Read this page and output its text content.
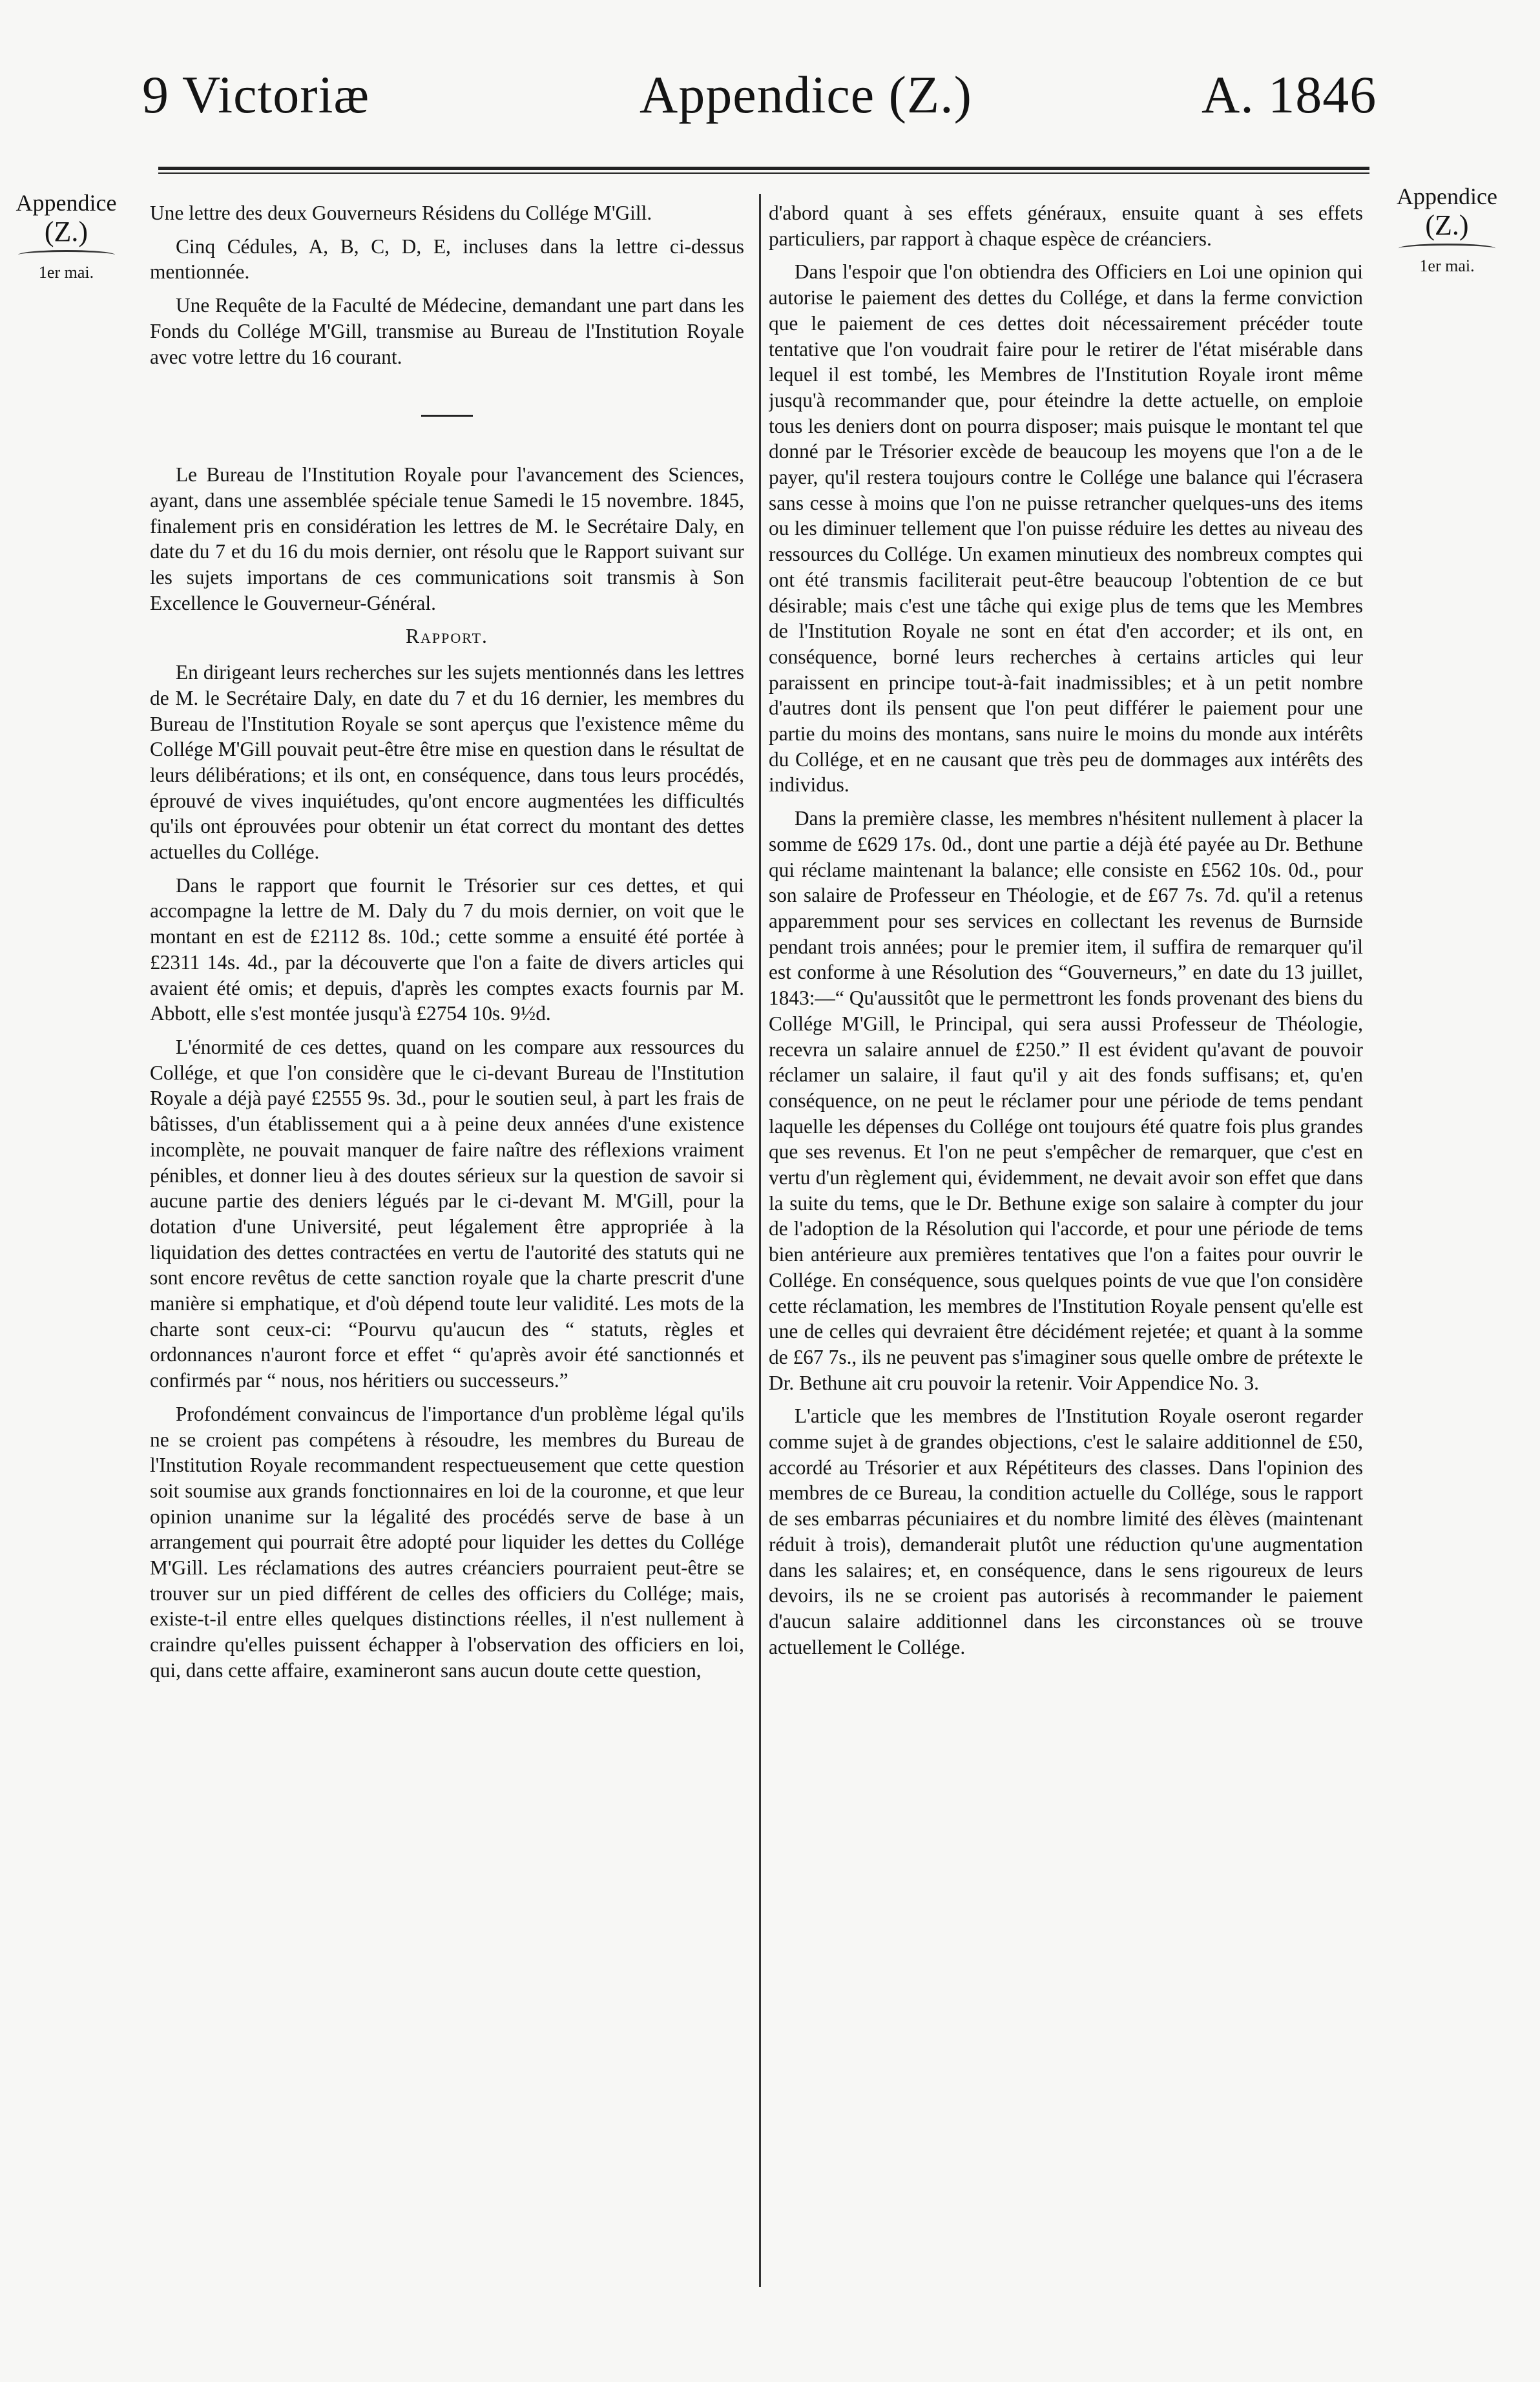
9 Victoriæ	Appendice (Z.)	A. 1846
Appendice
(Z.)
1er mai.
Appendice
(Z.)
1er mai.

Une lettre des deux Gouverneurs Résidens du Collége M'Gill.

Cinq Cédules, A, B, C, D, E, incluses dans la lettre ci-dessus mentionnée.

Une Requête de la Faculté de Médecine, demandant une part dans les Fonds du Collége M'Gill, transmise au Bureau de l'Institution Royale avec votre lettre du 16 courant.

Le Bureau de l'Institution Royale pour l'avancement des Sciences, ayant, dans une assemblée spéciale tenue Samedi le 15 novembre. 1845, finalement pris en considération les lettres de M. le Secrétaire Daly, en date du 7 et du 16 du mois dernier, ont résolu que le Rapport suivant sur les sujets importans de ces communications soit transmis à Son Excellence le Gouverneur-Général.

Rapport.

En dirigeant leurs recherches sur les sujets mentionnés dans les lettres de M. le Secrétaire Daly, en date du 7 et du 16 dernier, les membres du Bureau de l'Institution Royale se sont aperçus que l'existence même du Collége M'Gill pouvait peut-être être mise en question dans le résultat de leurs délibérations; et ils ont, en conséquence, dans tous leurs procédés, éprouvé de vives inquiétudes, qu'ont encore augmentées les difficultés qu'ils ont éprouvées pour obtenir un état correct du montant des dettes actuelles du Collége.

Dans le rapport que fournit le Trésorier sur ces dettes, et qui accompagne la lettre de M. Daly du 7 du mois dernier, on voit que le montant en est de £2112 8s. 10d.; cette somme a ensuité été portée à £2311 14s. 4d., par la découverte que l'on a faite de divers articles qui avaient été omis; et depuis, d'après les comptes exacts fournis par M. Abbott, elle s'est montée jusqu'à £2754 10s. 9½d.

L'énormité de ces dettes, quand on les compare aux ressources du Collége, et que l'on considère que le ci-devant Bureau de l'Institution Royale a déjà payé £2555 9s. 3d., pour le soutien seul, à part les frais de bâtisses, d'un établissement qui a à peine deux années d'une existence incomplète, ne pouvait manquer de faire naître des réflexions vraiment pénibles, et donner lieu à des doutes sérieux sur la question de savoir si aucune partie des deniers légués par le ci-devant M. M'Gill, pour la dotation d'une Université, peut légalement être appropriée à la liquidation des dettes contractées en vertu de l'autorité des statuts qui ne sont encore revêtus de cette sanction royale que la charte prescrit d'une manière si emphatique, et d'où dépend toute leur validité. Les mots de la charte sont ceux-ci: “Pourvu qu'aucun des “ statuts, règles et ordonnances n'auront force et effet “ qu'après avoir été sanctionnés et confirmés par “ nous, nos héritiers ou successeurs.”

Profondément convaincus de l'importance d'un problème légal qu'ils ne se croient pas compétens à résoudre, les membres du Bureau de l'Institution Royale recommandent respectueusement que cette question soit soumise aux grands fonctionnaires en loi de la couronne, et que leur opinion unanime sur la légalité des procédés serve de base à un arrangement qui pourrait être adopté pour liquider les dettes du Collége M'Gill. Les réclamations des autres créanciers pourraient peut-être se trouver sur un pied différent de celles des officiers du Collége; mais, existe-t-il entre elles quelques distinctions réelles, il n'est nullement à craindre qu'elles puissent échapper à l'observation des officiers en loi, qui, dans cette affaire, examineront sans aucun doute cette question,

d'abord quant à ses effets généraux, ensuite quant à ses effets particuliers, par rapport à chaque espèce de créanciers.

Dans l'espoir que l'on obtiendra des Officiers en Loi une opinion qui autorise le paiement des dettes du Collége, et dans la ferme conviction que le paiement de ces dettes doit nécessairement précéder toute tentative que l'on voudrait faire pour le retirer de l'état misérable dans lequel il est tombé, les Membres de l'Institution Royale iront même jusqu'à recommander que, pour éteindre la dette actuelle, on emploie tous les deniers dont on pourra disposer; mais puisque le montant tel que donné par le Trésorier excède de beaucoup les moyens que l'on a de le payer, qu'il restera toujours contre le Collége une balance qui l'écrasera sans cesse à moins que l'on ne puisse retrancher quelques-uns des items ou les diminuer tellement que l'on puisse réduire les dettes au niveau des ressources du Collége. Un examen minutieux des nombreux comptes qui ont été transmis faciliterait peut-être beaucoup l'obtention de ce but désirable; mais c'est une tâche qui exige plus de tems que les Membres de l'Institution Royale ne sont en état d'en accorder; et ils ont, en conséquence, borné leurs recherches à certains articles qui leur paraissent en principe tout-à-fait inadmissibles; et à un petit nombre d'autres dont ils pensent que l'on peut différer le paiement pour une partie du moins des montans, sans nuire le moins du monde aux intérêts du Collége, et en ne causant que très peu de dommages aux intérêts des individus.

Dans la première classe, les membres n'hésitent nullement à placer la somme de £629 17s. 0d., dont une partie a déjà été payée au Dr. Bethune qui réclame maintenant la balance; elle consiste en £562 10s. 0d., pour son salaire de Professeur en Théologie, et de £67 7s. 7d. qu'il a retenus apparemment pour ses services en collectant les revenus de Burnside pendant trois années; pour le premier item, il suffira de remarquer qu'il est conforme à une Résolution des “Gouverneurs,” en date du 13 juillet, 1843:—“ Qu'aussitôt que le permettront les fonds provenant des biens du Collége M'Gill, le Principal, qui sera aussi Professeur de Théologie, recevra un salaire annuel de £250.” Il est évident qu'avant de pouvoir réclamer un salaire, il faut qu'il y ait des fonds suffisans; et, qu'en conséquence, on ne peut le réclamer pour une période de tems pendant laquelle les dépenses du Collége ont toujours été quatre fois plus grandes que ses revenus. Et l'on ne peut s'empêcher de remarquer, que c'est en vertu d'un règlement qui, évidemment, ne devait avoir son effet que dans la suite du tems, que le Dr. Bethune exige son salaire à compter du jour de l'adoption de la Résolution qui l'accorde, et pour une période de tems bien antérieure aux premières tentatives que l'on a faites pour ouvrir le Collége. En conséquence, sous quelques points de vue que l'on considère cette réclamation, les membres de l'Institution Royale pensent qu'elle est une de celles qui devraient être décidément rejetée; et quant à la somme de £67 7s., ils ne peuvent pas s'imaginer sous quelle ombre de prétexte le Dr. Bethune ait cru pouvoir la retenir. Voir Appendice No. 3.

L'article que les membres de l'Institution Royale oseront regarder comme sujet à de grandes objections, c'est le salaire additionnel de £50, accordé au Trésorier et aux Répétiteurs des classes. Dans l'opinion des membres de ce Bureau, la condition actuelle du Collége, sous le rapport de ses embarras pécuniaires et du nombre limité des élèves (maintenant réduit à trois), demanderait plutôt une réduction qu'une augmentation dans les salaires; et, en conséquence, dans le sens rigoureux de leurs devoirs, ils ne se croient pas autorisés à recommander le paiement d'aucun salaire additionnel dans les circonstances où se trouve actuellement le Collége.
